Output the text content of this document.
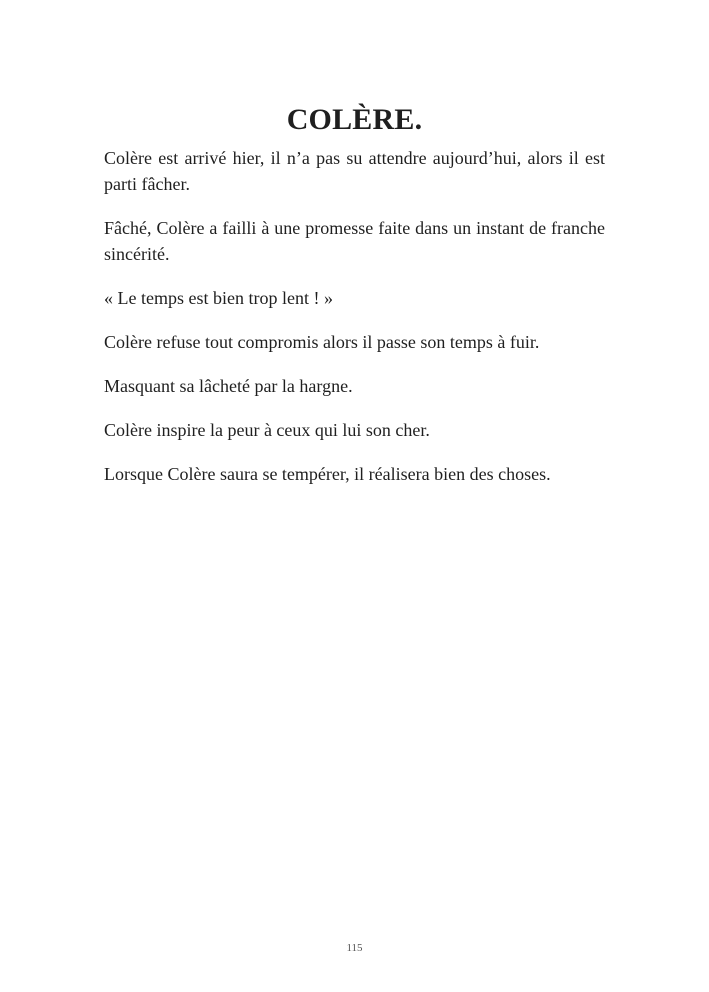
COLÈRE.

Colère est arrivé hier, il n’a pas su attendre aujourd’hui, alors il est parti fâcher.

Fâché, Colère a failli à une promesse faite dans un instant de franche sincérité.

« Le temps est bien trop lent ! »

Colère refuse tout compromis alors il passe son temps à fuir.

Masquant sa lâcheté par la hargne.

Colère inspire la peur à ceux qui lui son cher.

Lorsque Colère saura se tempérer, il réalisera bien des choses.

115
